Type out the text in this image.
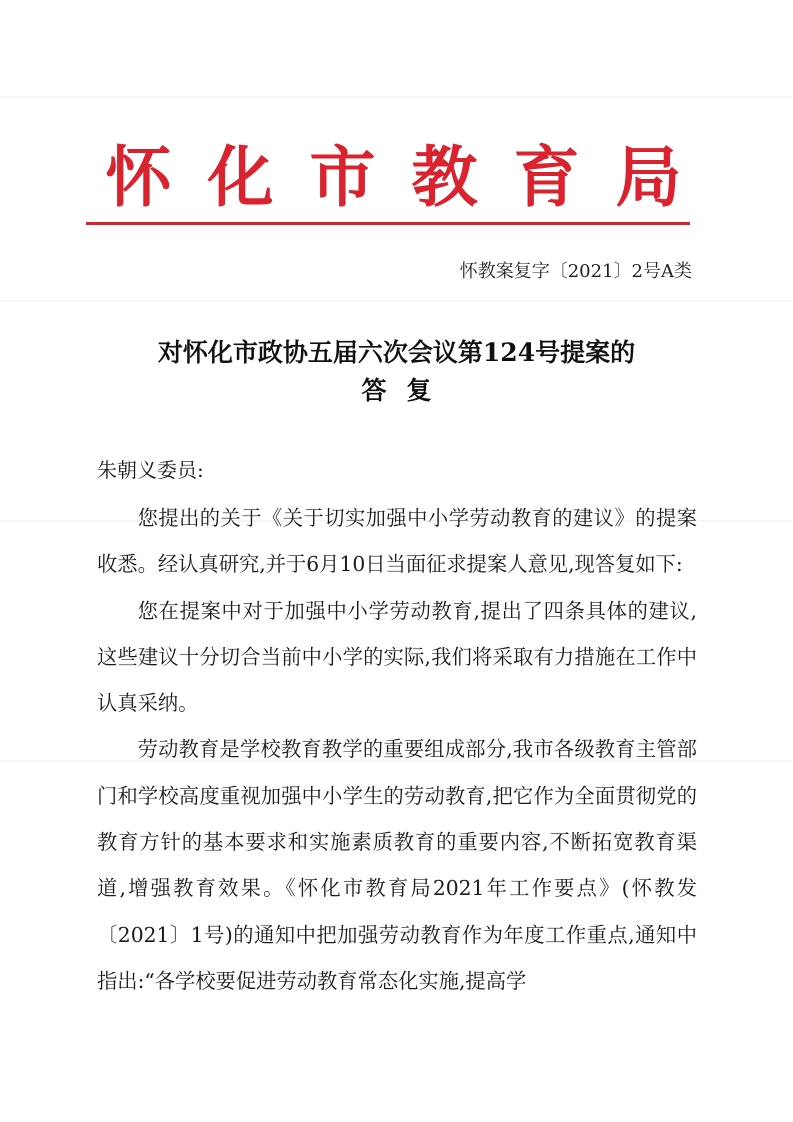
怀化市教育局
怀教案复字〔2021〕2号A类
对怀化市政协五届六次会议第124号提案的
答复
朱朝义委员:

您提出的关于《关于切实加强中小学劳动教育的建议》的提案收悉。经认真研究,并于6月10日当面征求提案人意见,现答复如下:

您在提案中对于加强中小学劳动教育,提出了四条具体的建议,这些建议十分切合当前中小学的实际,我们将采取有力措施在工作中认真采纳。

劳动教育是学校教育教学的重要组成部分,我市各级教育主管部门和学校高度重视加强中小学生的劳动教育,把它作为全面贯彻党的教育方针的基本要求和实施素质教育的重要内容,不断拓宽教育渠道,增强教育效果。《怀化市教育局2021年工作要点》(怀教发〔2021〕1号)的通知中把加强劳动教育作为年度工作重点,通知中指出:“各学校要促进劳动教育常态化实施,提高学
